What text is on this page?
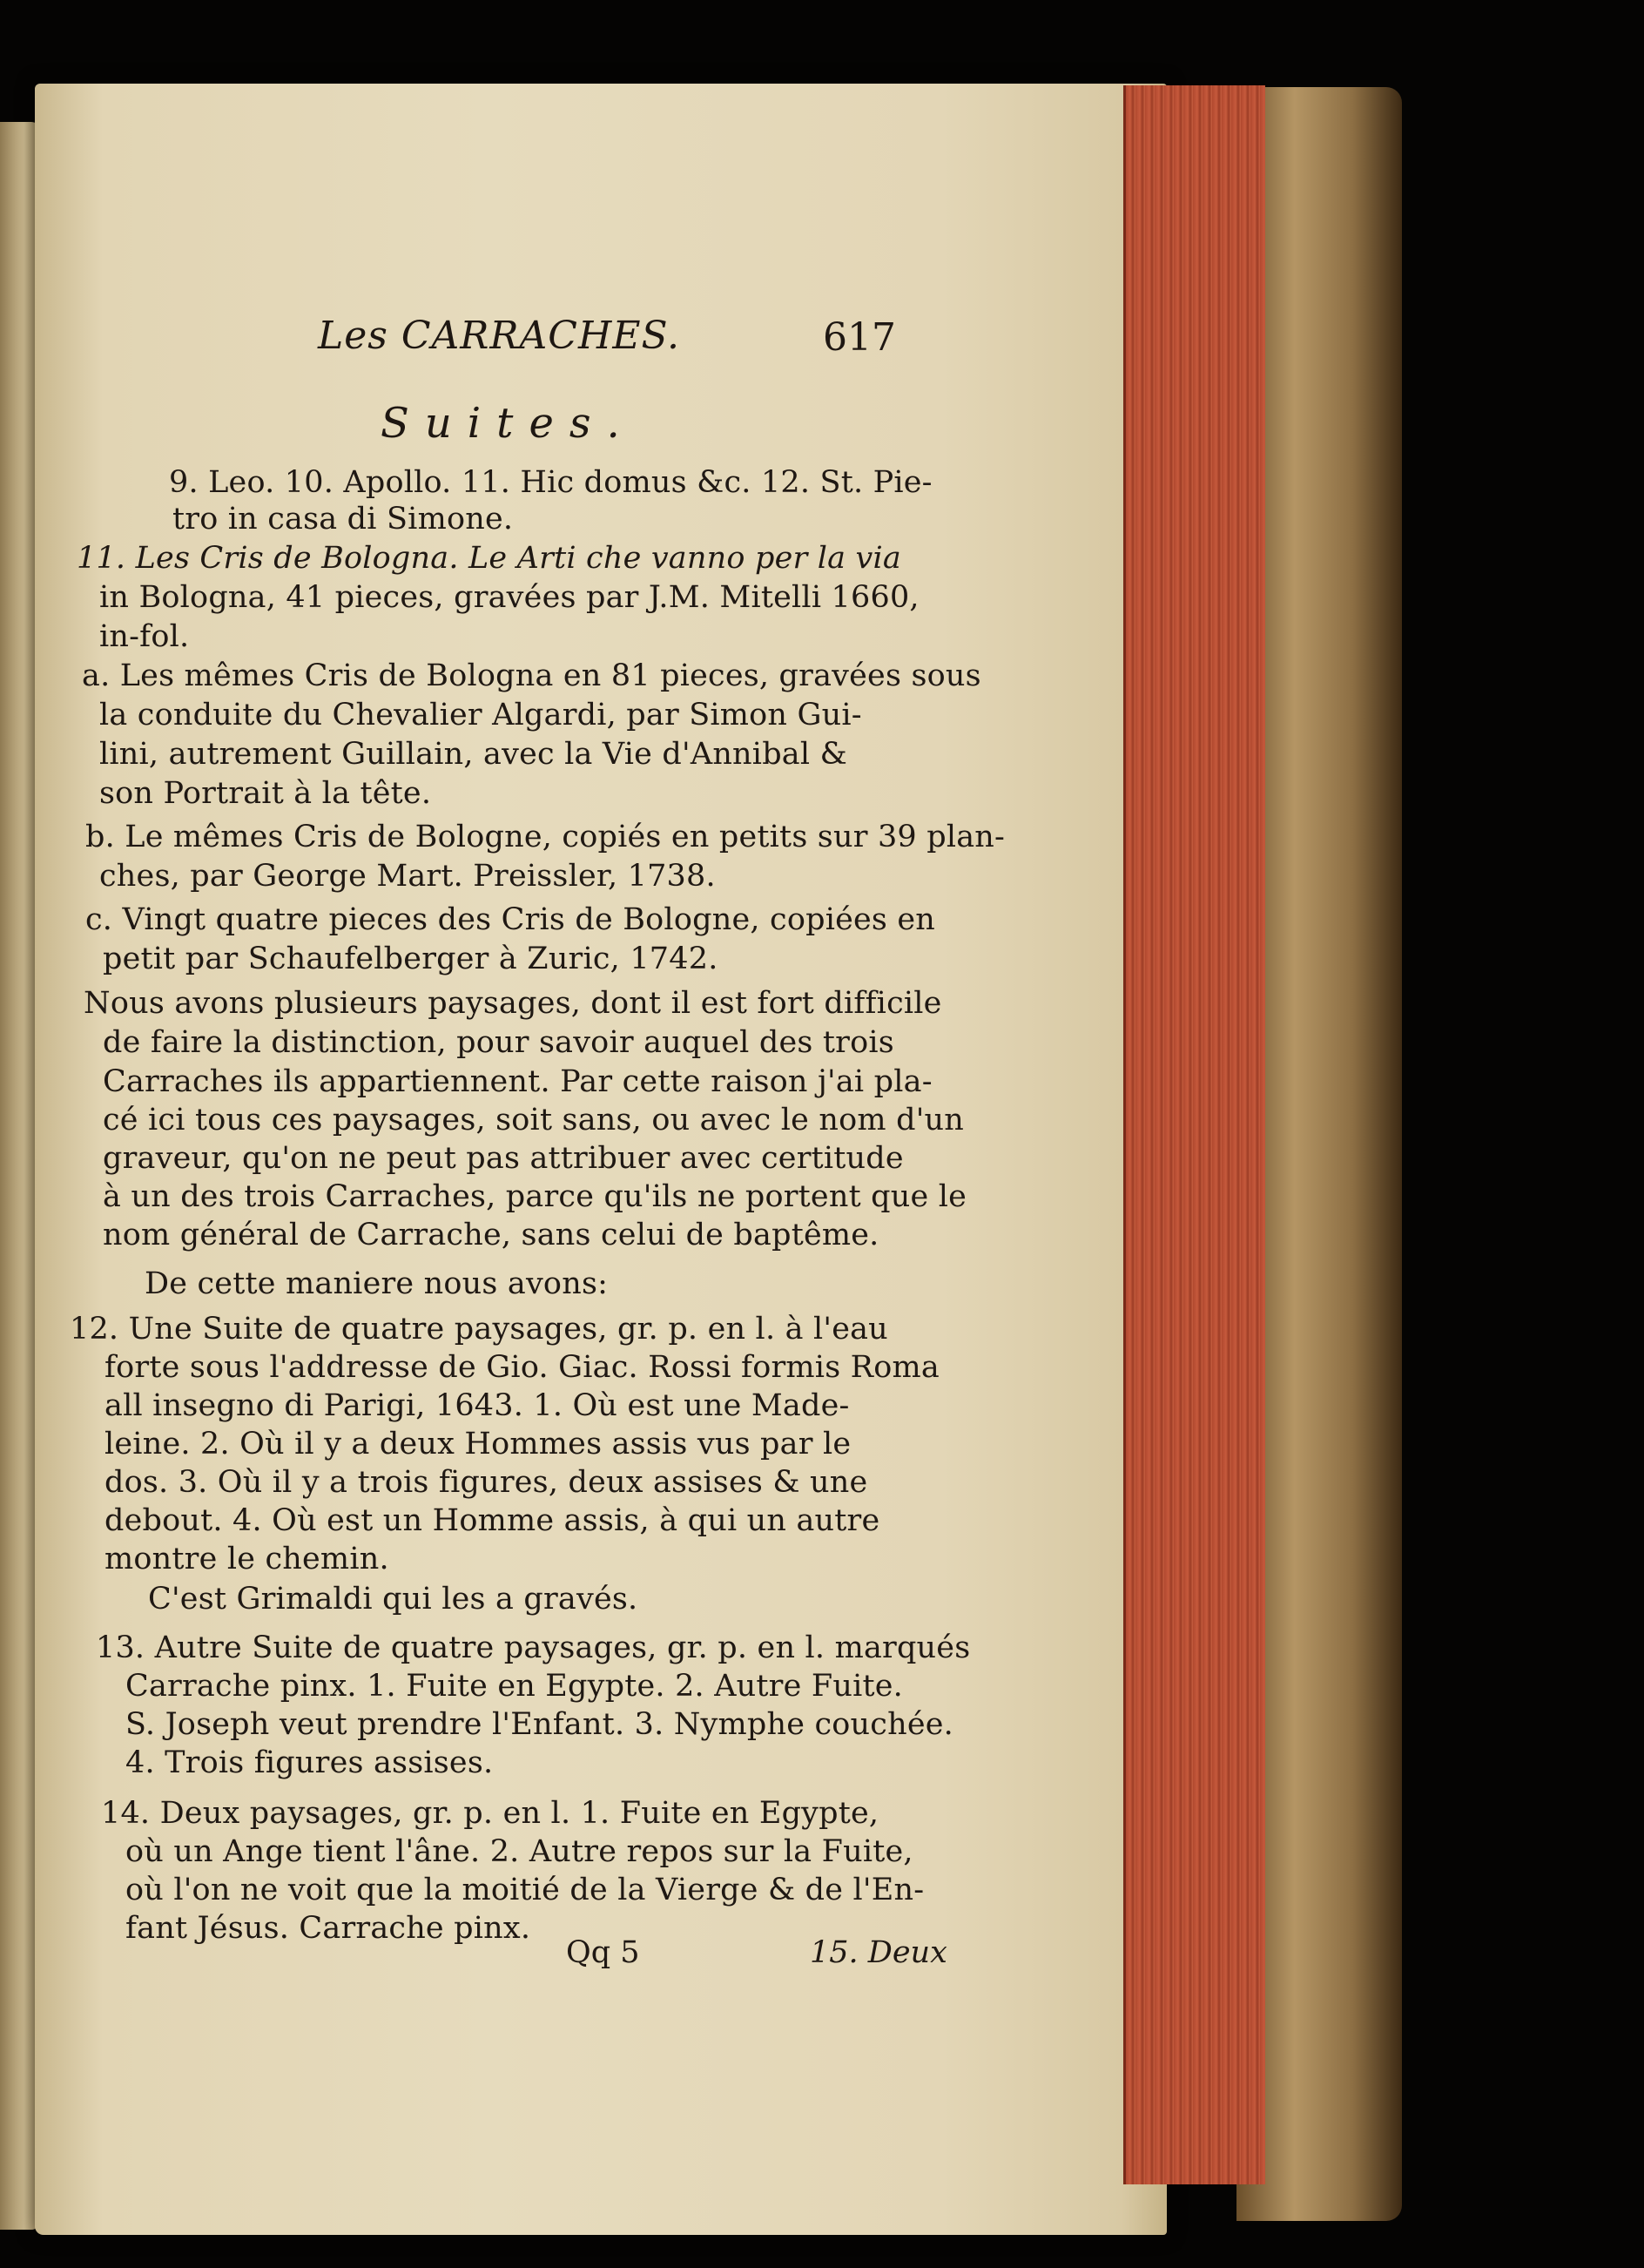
Les CARRACHES.	617
Suites.
9. Leo. 10. Apollo. 11. Hic domus &c. 12. St. Pie-
tro in casa di Simone.
11. Les Cris de Bologna. Le Arti che vanno per la via
in Bologna, 41 pieces, gravées par J.M. Mitelli 1660,
in-fol.
a. Les mêmes Cris de Bologna en 81 pieces, gravées sous
la conduite du Chevalier Algardi, par Simon Gui-
lini, autrement Guillain, avec la Vie d'Annibal &
son Portrait à la tête.
b. Le mêmes Cris de Bologne, copiés en petits sur 39 plan-
ches, par George Mart. Preissler, 1738.
c. Vingt quatre pieces des Cris de Bologne, copiées en
petit par Schaufelberger à Zuric, 1742.
Nous avons plusieurs paysages, dont il est fort difficile
de faire la distinction, pour savoir auquel des trois
Carraches ils appartiennent. Par cette raison j'ai pla-
cé ici tous ces paysages, soit sans, ou avec le nom d'un
graveur, qu'on ne peut pas attribuer avec certitude
à un des trois Carraches, parce qu'ils ne portent que le
nom général de Carrache, sans celui de baptême.
De cette maniere nous avons:
12. Une Suite de quatre paysages, gr. p. en l. à l'eau
forte sous l'addresse de Gio. Giac. Rossi formis Roma
all insegno di Parigi, 1643. 1. Où est une Made-
leine. 2. Où il y a deux Hommes assis vus par le
dos. 3. Où il y a trois figures, deux assises & une
debout. 4. Où est un Homme assis, à qui un autre
montre le chemin.
C'est Grimaldi qui les a gravés.
13. Autre Suite de quatre paysages, gr. p. en l. marqués
Carrache pinx. 1. Fuite en Egypte. 2. Autre Fuite.
S. Joseph veut prendre l'Enfant. 3. Nymphe couchée.
4. Trois figures assises.
14. Deux paysages, gr. p. en l. 1. Fuite en Egypte,
où un Ange tient l'âne. 2. Autre repos sur la Fuite,
où l'on ne voit que la moitié de la Vierge & de l'En-
fant Jésus. Carrache pinx.
Qq 5	15. Deux
